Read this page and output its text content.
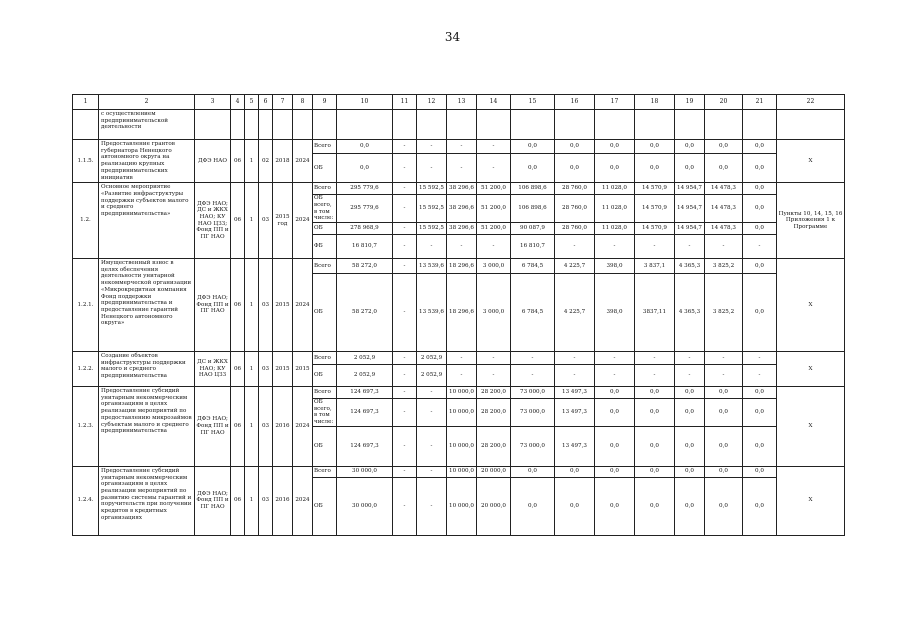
34
1	2	3	4	5	6	7	8	9	10	11	12	13	14	15	16	17	18	19	20	21	22
	с осуществлением предпринимательской деятельности																				
1.1.5.	Предоставление грантов губернатора Ненецкого автономного округа на реализацию крупных предпринимательских инициатив	ДФЭ НАО	06	1	02	2018	2024	Всего	0,0	-	-	-	-	0,0	0,0	0,0	0,0	0,0	0,0	0,0	Х
								ОБ	0,0	-	-	-	-	0,0	0,0	0,0	0,0	0,0	0,0	0,0	
1.2.	Основное мероприятие «Развитие инфраструктуры поддержки субъектов малого и среднего предпринимательства»	ДФЭ НАО; ДС и ЖКХ НАО; КУ НАО ЦЗЗ; Фонд ПП и ПГ НАО	06	1	03	2015 год	2024	Всего	295 779,6	-	15 592,5	38 296,6	51 200,0	106 898,6	28 760,0	11 028,0	14 570,9	14 954,7	14 478,3	0,0	Пункты 10, 14, 15, 16 Приложения 1 к Программе
								ОБ всего, в том числе:	295 779,6	-	15 592,5	38 296,6	51 200,0	106 898,6	28 760,0	11 028,0	14 570,9	14 954,7	14 478,3	0,0	
								ОБ	278 968,9	-	15 592,5	38 296,6	51 200,0	90 087,9	28 760,0	11 028,0	14 570,9	14 954,7	14 478,3	0,0	
								ФБ	16 810,7	-	-	-	-	16 810,7	-	-	-	-	-	-	
1.2.1.	Имущественный взнос в целях обеспечения деятельности унитарной некоммерческой организации «Микрокредитная компания Фонд поддержки предпринимательства и предоставление гарантий Ненецкого автономного округа»	ДФЭ НАО; Фонд ПП и ПГ НАО	06	1	03	2015	2024	Всего	58 272,0	-	13 539,6	18 296,6	3 000,0	6 784,5	4 225,7	398,0	3 837,1	4 365,3	3 825,2	0,0	Х
								ОБ	58 272,0	-	13 539,6	18 296,6	3 000,0	6 784,5	4 225,7	398,0	3837,11	4 365,3	3 825,2	0,0	
1.2.2.	Создание объектов инфраструктуры поддержки малого и среднего предпринимательства	ДС и ЖКХ НАО; КУ НАО ЦЗЗ	06	1	03	2015	2015	Всего	2 052,9	-	2 052,9	-	-	-	-	-	-	-	-	-	Х
								ОБ	2 052,9	-	2 052,9	-	-	-	-	-	-	-	-	-	
1.2.3.	Предоставление субсидий унитарным некоммерческим организациям в целях реализации мероприятий по предоставлению микрозаймов субъектам малого и среднего предпринимательства	ДФЭ НАО; Фонд ПП и ПГ НАО	06	1	03	2016	2024	Всего	124 697,3	-	-	10 000,0	28 200,0	73 000,0	13 497,3	0,0	0,0	0,0	0,0	0,0	Х
								ОБ всего, в том числе:	124 697,3	-	-	10 000,0	28 200,0	73 000,0	13 497,3	0,0	0,0	0,0	0,0	0,0	
								ОБ	124 697,3	-	-	10 000,0	28 200,0	73 000,0	13 497,3	0,0	0,0	0,0	0,0	0,0	
1.2.4.	Предоставление субсидий унитарным некоммерческим организациям в целях реализации мероприятий по развитию системы гарантий и поручительств при получении кредитов в кредитных организациях	ДФЭ НАО; Фонд ПП и ПГ НАО	06	1	03	2016	2024	Всего	30 000,0	-	-	10 000,0	20 000,0	0,0	0,0	0,0	0,0	0,0	0,0	0,0	Х
								ОБ	30 000,0	-	-	10 000,0	20 000,0	0,0	0,0	0,0	0,0	0,0	0,0	0,0	
